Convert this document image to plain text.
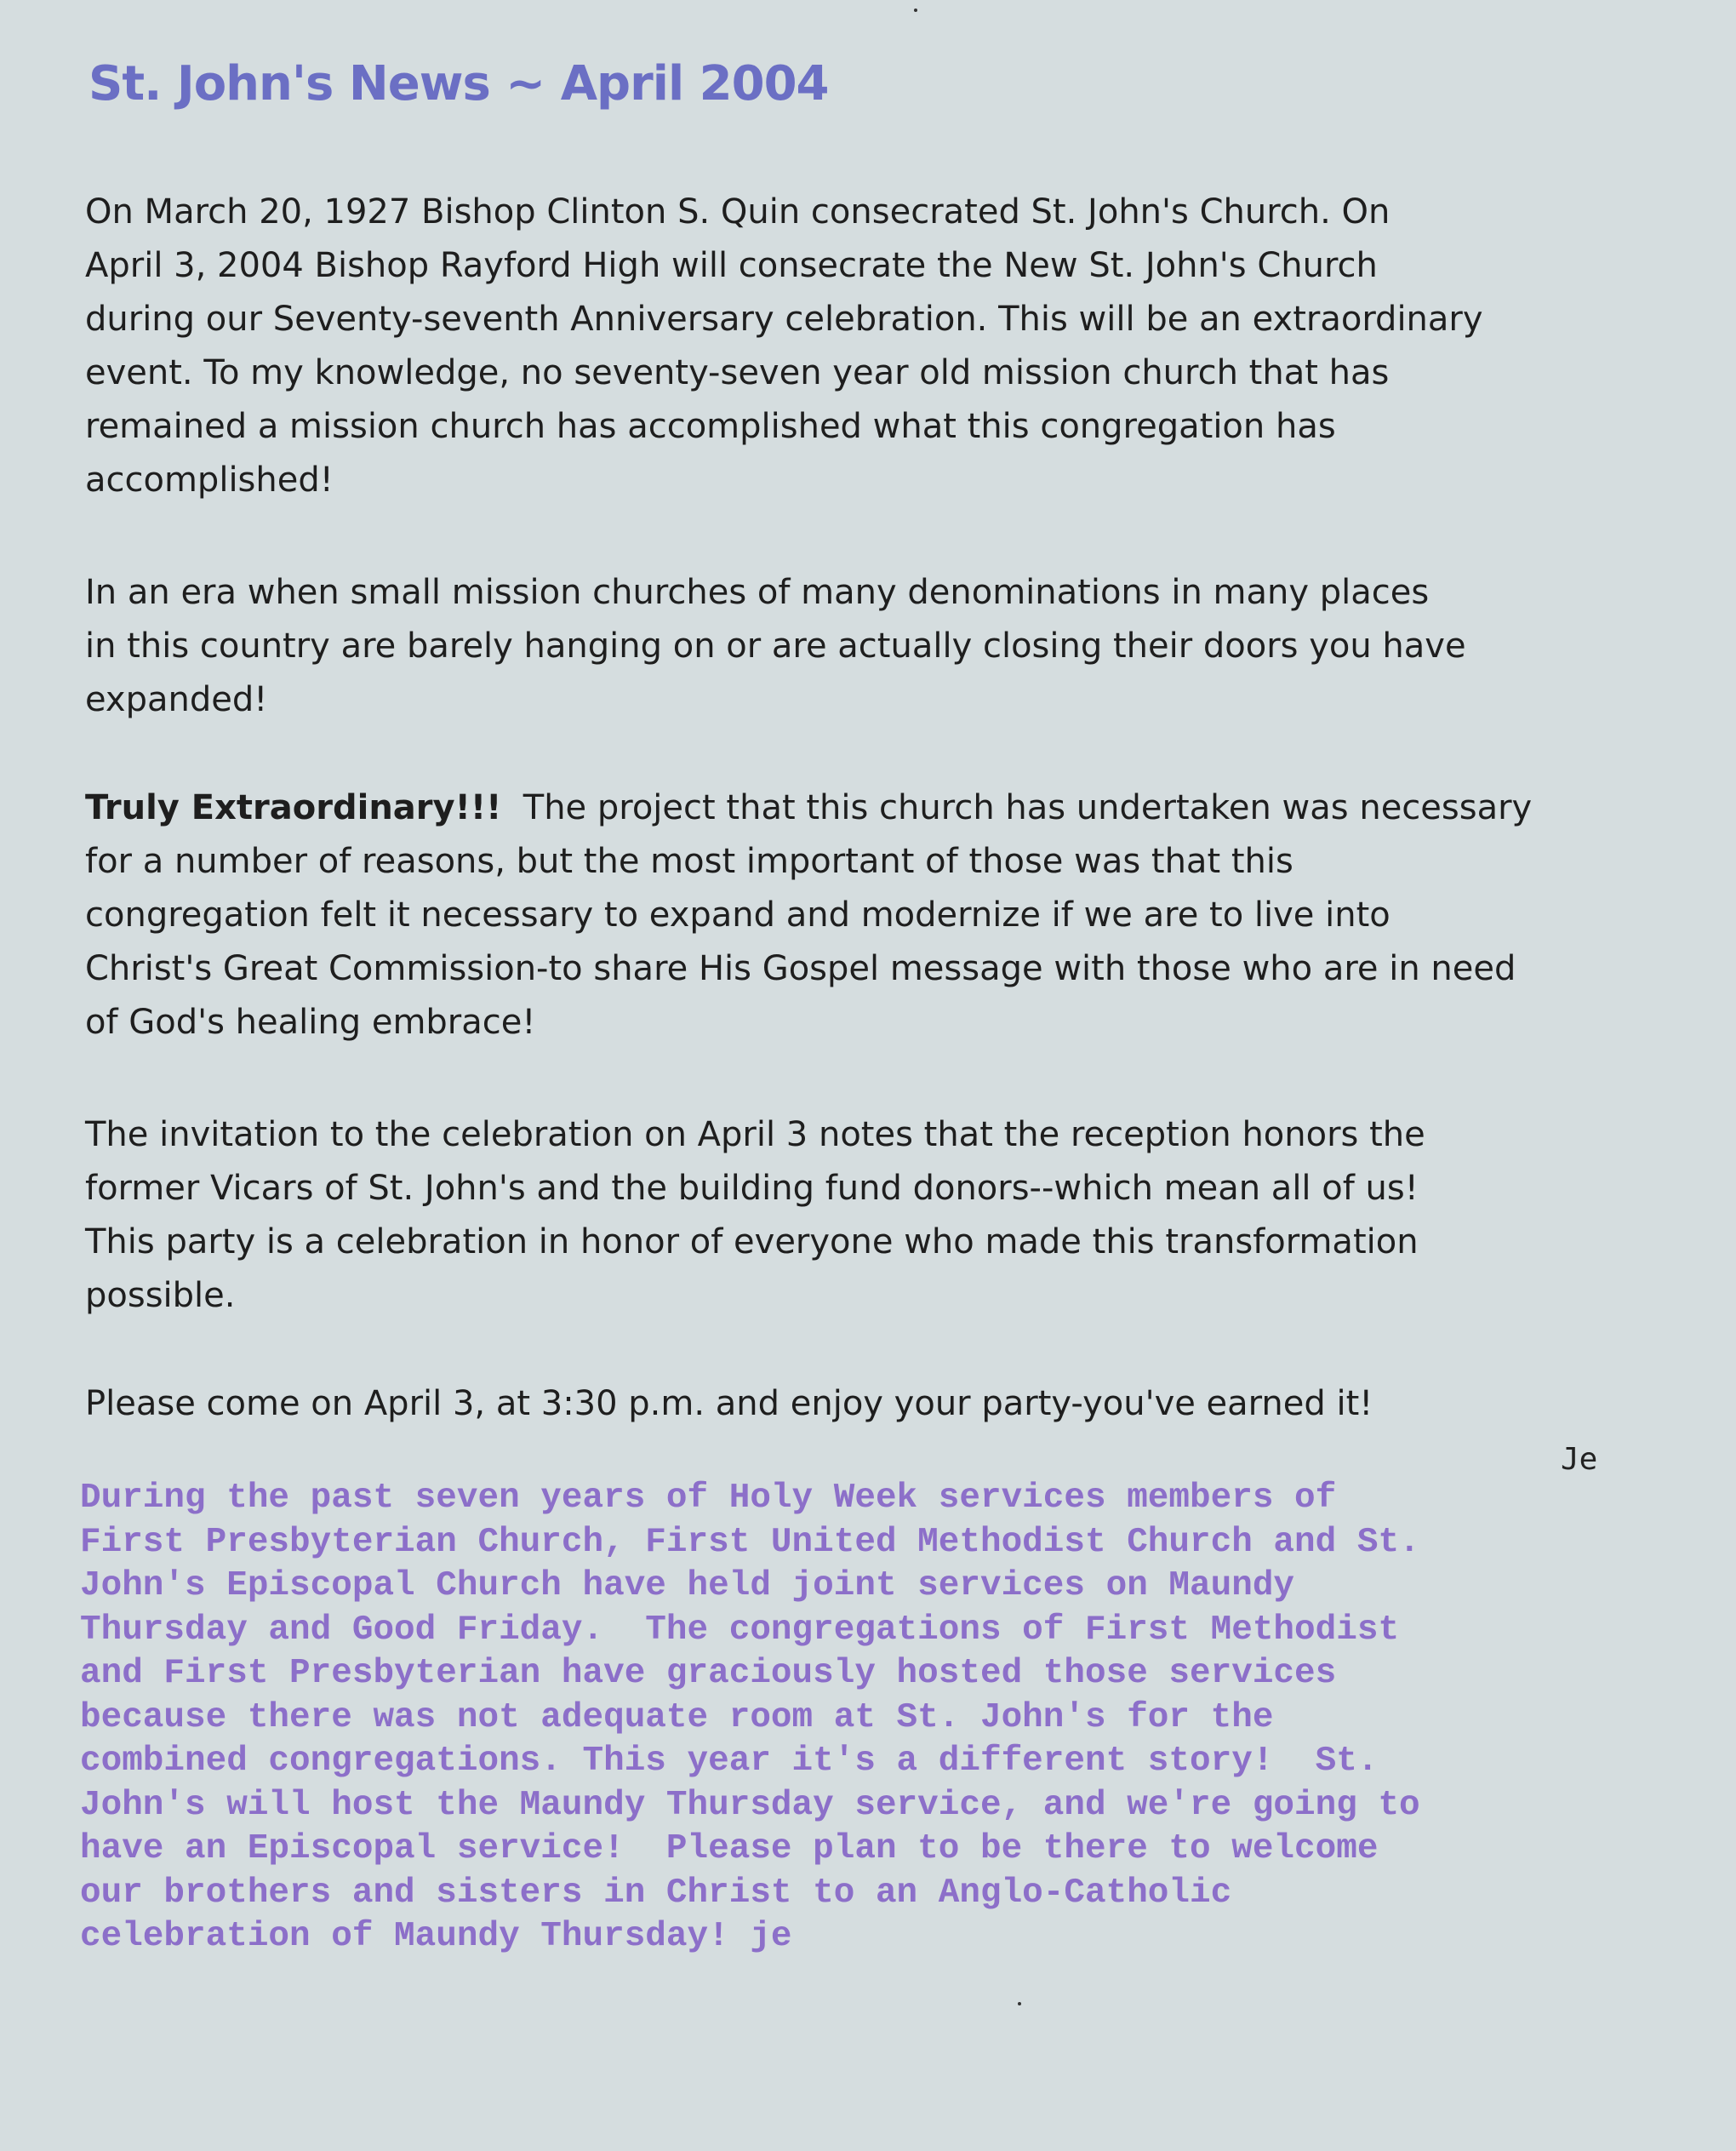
St. John's News ~ April 2004
On March 20, 1927 Bishop Clinton S. Quin consecrated St. John's Church. On
April 3, 2004 Bishop Rayford High will consecrate the New St. John's Church
during our Seventy-seventh Anniversary celebration. This will be an extraordinary
event. To my knowledge, no seventy-seven year old mission church that has
remained a mission church has accomplished what this congregation has
accomplished!
In an era when small mission churches of many denominations in many places
in this country are barely hanging on or are actually closing their doors you have
expanded!
Truly Extraordinary!!!  The project that this church has undertaken was necessary
for a number of reasons, but the most important of those was that this
congregation felt it necessary to expand and modernize if we are to live into
Christ's Great Commission-to share His Gospel message with those who are in need
of God's healing embrace!
The invitation to the celebration on April 3 notes that the reception honors the
former Vicars of St. John's and the building fund donors--which mean all of us!
This party is a celebration in honor of everyone who made this transformation
possible.
Please come on April 3, at 3:30 p.m. and enjoy your party-you've earned it!
Je
During the past seven years of Holy Week services members of
First Presbyterian Church, First United Methodist Church and St.
John's Episcopal Church have held joint services on Maundy
Thursday and Good Friday.  The congregations of First Methodist
and First Presbyterian have graciously hosted those services
because there was not adequate room at St. John's for the
combined congregations. This year it's a different story!  St.
John's will host the Maundy Thursday service, and we're going to
have an Episcopal service!  Please plan to be there to welcome
our brothers and sisters in Christ to an Anglo-Catholic
celebration of Maundy Thursday! je
